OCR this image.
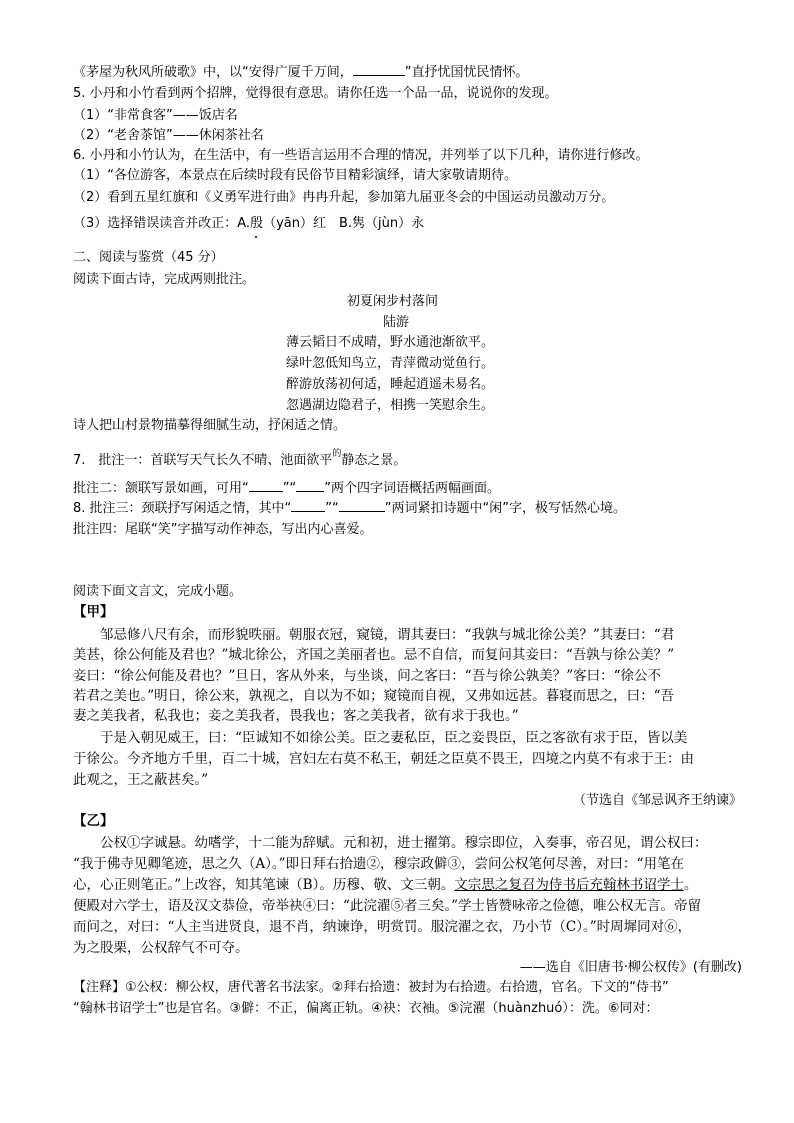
《茅屋为秋风所破歌》中，以“安得广厦千万间，	”直抒忧国忧民情怀。
5. 小丹和小竹看到两个招牌，觉得很有意思。请你任选一个品一品，说说你的发现。
（1）“非常食客”——饭店名
（2）“老舍茶馆”——休闲茶社名
6. 小丹和小竹认为，在生活中，有一些语言运用不合理的情况，并列举了以下几种，请你进行修改。
（1）“各位游客，本景点在后续时段有民俗节目精彩演绎，请大家敬请期待。
（2）看到五星红旗和《义勇军进行曲》冉冉升起，参加第九届亚冬会的中国运动员激动万分。
（3）选择错误读音并改正：A.殷（yān）红　B.隽（jùn）永
二、阅读与鉴赏（45 分）
阅读下面古诗，完成两则批注。
初夏闲步村落间
陆游
薄云韬日不成晴，野水通池渐欲平。
绿叶忽低知鸟立，青萍微动觉鱼行。
醉游放荡初何适，睡起逍遥未易名。
忽遇湖边隐君子，相携一笑慰余生。
诗人把山村景物描摹得细腻生动，抒闲适之情。
7.　批注一：首联写天气长久不晴、池面欲平$^的$静态之景。
批注二：颔联写景如画，可用“	”“ ”两个四字词语概括两幅画面。
8. 批注三：颈联抒写闲适之情，其中“	”“	”两词紧扣诗题中“闲”字，极写恬然心境。
批注四：尾联“笑”字描写动作神态，写出内心喜爱。
阅读下面文言文，完成小题。
【甲】
邹忌修八尺有余，而形貌昳丽。朝服衣冠，窥镜，谓其妻曰：“我孰与城北徐公美？”其妻曰：“君
美甚，徐公何能及君也？”城北徐公，齐国之美丽者也。忌不自信，而复问其妾曰：“吾孰与徐公美？”
妾曰：“徐公何能及君也？”旦日，客从外来，与坐谈，问之客曰：“吾与徐公孰美？”客曰：“徐公不
若君之美也。”明日，徐公来，孰视之，自以为不如；窥镜而自视，又弗如远甚。暮寝而思之，曰：“吾
妻之美我者，私我也；妾之美我者，畏我也；客之美我者，欲有求于我也。”
于是入朝见威王，曰：“臣诚知不如徐公美。臣之妻私臣，臣之妾畏臣，臣之客欲有求于臣，皆以美
于徐公。今齐地方千里，百二十城，宫妇左右莫不私王，朝廷之臣莫不畏王，四境之内莫不有求于王：由
此观之，王之蔽甚矣。”
（节选自《邹忌讽齐王纳谏》
【乙】
公权①字诚悬。幼嗜学，十二能为辞赋。元和初，进士擢第。穆宗即位，入奏事，帝召见，谓公权曰：
“我于佛寺见卿笔迹，思之久（A）。”即日拜右拾遗②，穆宗政僻③，尝问公权笔何尽善，对曰：“用笔在
心，心正则笔正。”上改容，知其笔谏（B）。历穆、敬、文三朝。文宗思之复召为侍书后充翰林书诏学士。
便殿对六学士，语及汉文恭俭，帝举袂④曰：“此浣濯⑤者三矣。”学士皆赞咏帝之俭德，唯公权无言。帝留
而问之，对曰：“人主当进贤良，退不肖，纳谏诤，明赏罚。服浣濯之衣，乃小节（C）。”时周墀同对⑥，
为之股栗，公权辞气不可夺。
——选自《旧唐书·柳公权传》(有删改)
【注释】①公权：柳公权，唐代著名书法家。②拜右拾遗：被封为右拾遗。右拾遗，官名。下文的“侍书”
“翰林书诏学士”也是官名。③僻：不正，偏离正轨。④袂：衣袖。⑤浣濯（huànzhuó）：洗。⑥同对：
